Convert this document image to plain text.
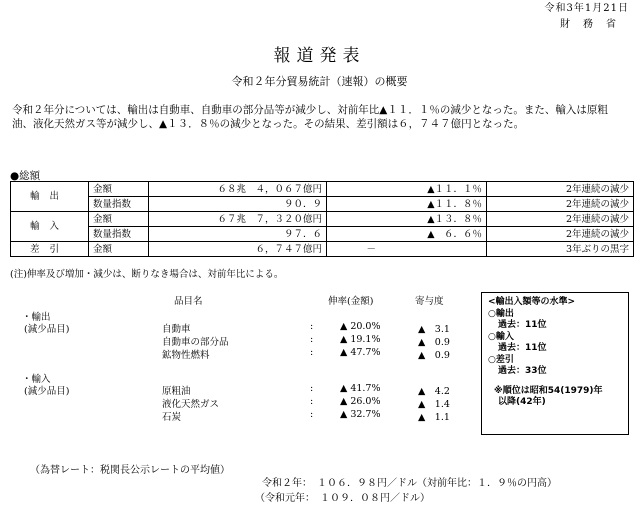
令和3年1月21日
財務省
報道発表
令和２年分貿易統計（速報）の概要
令和２年分については、輸出は自動車、自動車の部分品等が減少し、対前年比▲１１．１％の減少となった。また、輸入は原粗油、液化天然ガス等が減少し、▲１３．８％の減少となった。その結果、差引額は６，７４７億円となった。
●総額
輸出	金額	６８兆　４，０６７億円	▲１１．１％	2年連続の減少
	数量指数	９０．９	▲１１．８％	2年連続の減少
輸入	金額	６７兆　７，３２０億円	▲１３．８％	2年連続の減少
	数量指数	９７．６	▲　６．６％	2年連続の減少
差引	金額	６，７４７億円	－	3年ぶりの黒字
(注)伸率及び増加・減少は、断りなき場合は、対前年比による。
品目名	伸率(金額)	寄与度
・輸出
(減少品目)	自動車	:	▲ 20.0%	▲　3.1
自動車の部分品	:	▲ 19.1%	▲　0.9
鉱物性燃料	:	▲ 47.7%	▲　0.9
・輸入
(減少品目)	原粗油	:	▲ 41.7%	▲　4.2
液化天然ガス	:	▲ 26.0%	▲　1.4
石炭	:	▲ 32.7%	▲　1.1
<輸出入額等の水準>
○輸出
過去：11位
○輸入
過去：11位
○差引
過去：33位
※順位は昭和54(1979)年
以降(42年)
（為替レート：税関長公示レートの平均値）
令和２年：　１０６．９８円／ドル（対前年比：１．９％の円高）
（令和元年：　１０９．０８円／ドル）
